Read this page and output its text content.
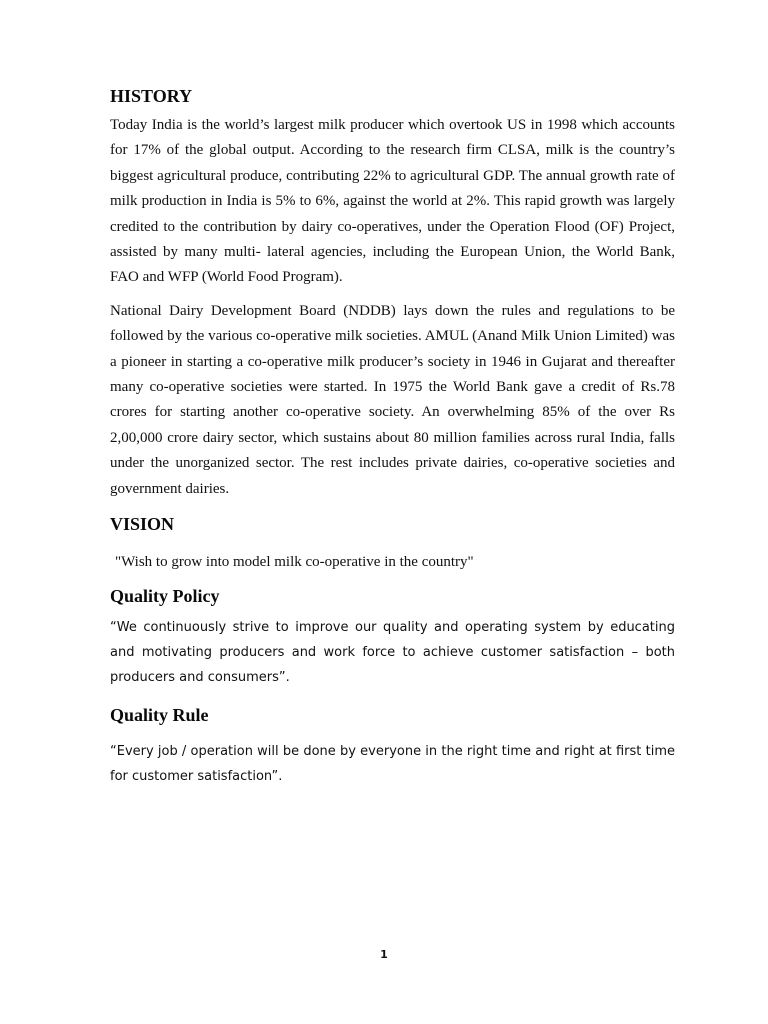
HISTORY

Today India is the world’s largest milk producer which overtook US in 1998 which accounts for 17% of the global output. According to the research firm CLSA, milk is the country’s biggest agricultural produce, contributing 22% to agricultural GDP. The annual growth rate of milk production in India is 5% to 6%, against the world at 2%. This rapid growth was largely credited to the contribution by dairy co-operatives, under the Operation Flood (OF) Project, assisted by many multi- lateral agencies, including the European Union, the World Bank, FAO and WFP (World Food Program).

National Dairy Development Board (NDDB) lays down the rules and regulations to be followed by the various co-operative milk societies. AMUL (Anand Milk Union Limited) was a pioneer in starting a co-operative milk producer’s society in 1946 in Gujarat and thereafter many co-operative societies were started. In 1975 the World Bank gave a credit of Rs.78 crores for starting another co-operative society. An overwhelming 85% of the over Rs 2,00,000 crore dairy sector, which sustains about 80 million families across rural India, falls under the unorganized sector. The rest includes private dairies, co-operative societies and government dairies.

VISION

"Wish to grow into model milk co-operative in the country"

Quality Policy

“We continuously strive to improve our quality and operating system by educating and motivating producers and work force to achieve customer satisfaction – both producers and consumers”.

Quality Rule

“Every job / operation will be done by everyone in the right time and right at first time for customer satisfaction”.

1
